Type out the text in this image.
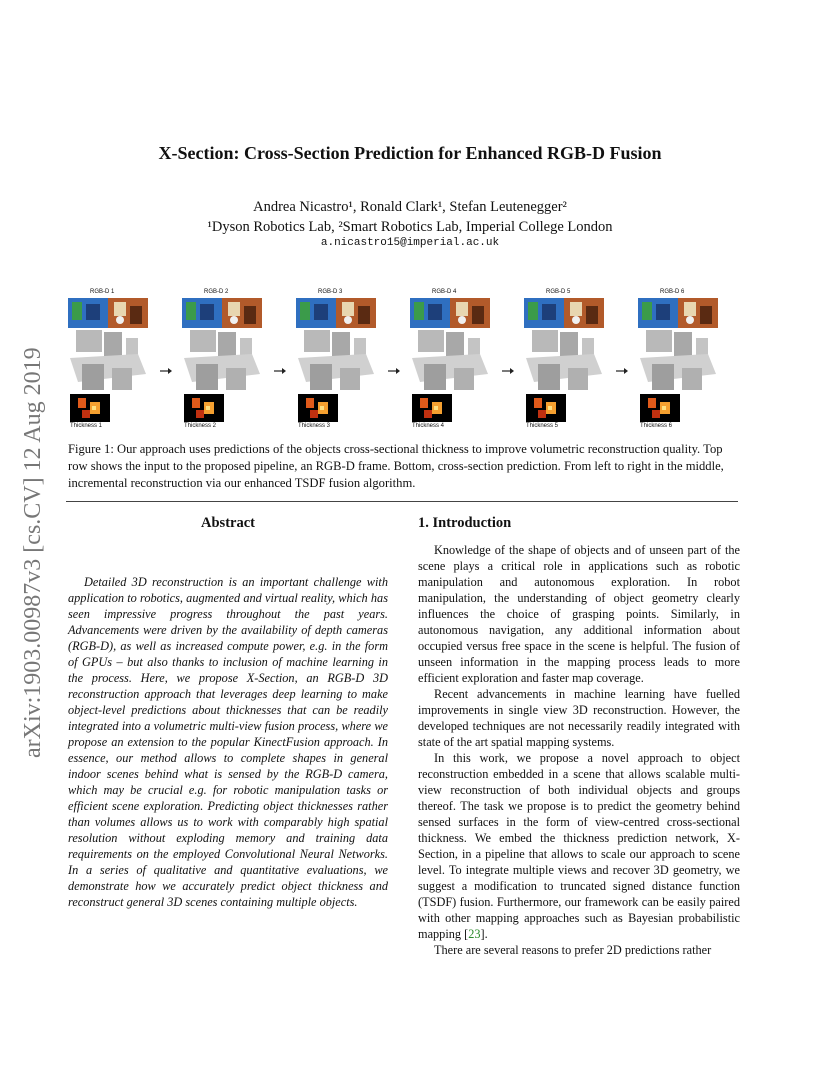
arXiv:1903.00987v3 [cs.CV] 12 Aug 2019
X-Section: Cross-Section Prediction for Enhanced RGB-D Fusion
Andrea Nicastro¹, Ronald Clark¹, Stefan Leutenegger²
¹Dyson Robotics Lab, ²Smart Robotics Lab, Imperial College London
a.nicastro15@imperial.ac.uk
RGB-D 1
Thickness 1
RGB-D 2
Thickness 2
RGB-D 3
Thickness 3
RGB-D 4
Thickness 4
RGB-D 5
Thickness 5
RGB-D 6
Thickness 6
Figure 1: Our approach uses predictions of the objects cross-sectional thickness to improve volumetric reconstruction quality. Top row shows the input to the proposed pipeline, an RGB-D frame. Bottom, cross-section prediction. From left to right in the middle, incremental reconstruction via our enhanced TSDF fusion algorithm.
Abstract

Detailed 3D reconstruction is an important challenge with application to robotics, augmented and virtual reality, which has seen impressive progress throughout the past years. Advancements were driven by the availability of depth cameras (RGB-D), as well as increased compute power, e.g. in the form of GPUs – but also thanks to inclusion of machine learning in the process. Here, we propose X-Section, an RGB-D 3D reconstruction approach that leverages deep learning to make object-level predictions about thicknesses that can be readily integrated into a volumetric multi-view fusion process, where we propose an extension to the popular KinectFusion approach. In essence, our method allows to complete shapes in general indoor scenes behind what is sensed by the RGB-D camera, which may be crucial e.g. for robotic manipulation tasks or efficient scene exploration. Predicting object thicknesses rather than volumes allows us to work with comparably high spatial resolution without exploding memory and training data requirements on the employed Convolutional Neural Networks. In a series of qualitative and quantitative evaluations, we demonstrate how we accurately predict object thickness and reconstruct general 3D scenes containing multiple objects.

1. Introduction

Knowledge of the shape of objects and of unseen part of the scene plays a critical role in applications such as robotic manipulation and autonomous exploration. In robot manipulation, the understanding of object geometry clearly influences the choice of grasping points. Similarly, in autonomous navigation, any additional information about occupied versus free space in the scene is helpful. The fusion of unseen information in the mapping process leads to more efficient exploration and faster map coverage.

Recent advancements in machine learning have fuelled improvements in single view 3D reconstruction. However, the developed techniques are not necessarily readily integrated with state of the art spatial mapping systems.

In this work, we propose a novel approach to object reconstruction embedded in a scene that allows scalable multi-view reconstruction of both individual objects and groups thereof. The task we propose is to predict the geometry behind sensed surfaces in the form of view-centred cross-sectional thickness. We embed the thickness prediction network, X-Section, in a pipeline that allows to scale our approach to scene level. To integrate multiple views and recover 3D geometry, we suggest a modification to truncated signed distance function (TSDF) fusion. Furthermore, our framework can be easily paired with other mapping approaches such as Bayesian probabilistic mapping [23].

There are several reasons to prefer 2D predictions rather
